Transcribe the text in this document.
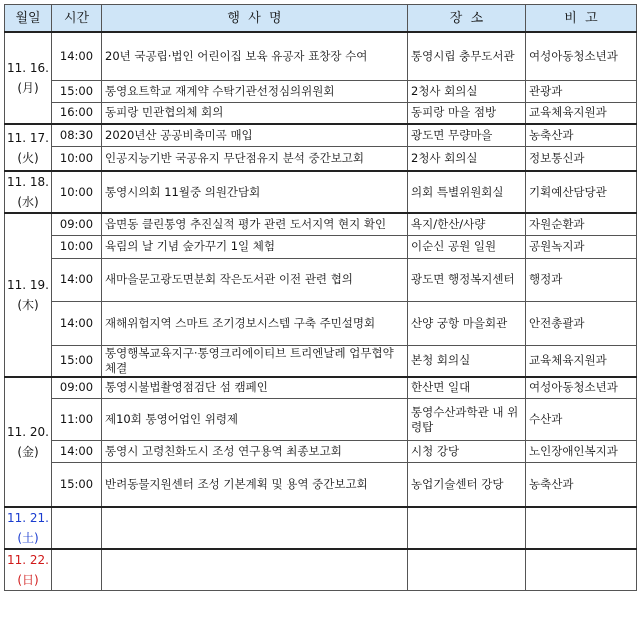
월일	시간	행  사  명	장  소	비  고

11. 16.
(月)	14:00	20년 국공립·법인 어린이집 보육 유공자 표창장 수여	통영시립 충무도서관	여성아동청소년과
	15:00	통영요트학교 재계약 수탁기관선정심의위원회	2청사 회의실	관광과
	16:00	동피랑 민관협의체 회의	동피랑 마을 점방	교육체육지원과

11. 17.
(火)	08:30	2020년산 공공비축미곡 매입	광도면 무량마을	농축산과
	10:00	인공지능기반 국공유지 무단점유지 분석 중간보고회	2청사 회의실	정보통신과

11. 18.
(水)	10:00	통영시의회 11월중 의원간담회	의회 특별위원회실	기획예산담당관

11. 19.
(木)	09:00	읍면동 클린통영 추진실적 평가 관련 도서지역 현지 확인	욕지/한산/사량	자원순환과
	10:00	육림의 날 기념 숲가꾸기 1일 체험	이순신 공원 일원	공원녹지과
	14:00	새마을문고광도면분회 작은도서관 이전 관련 협의	광도면 행정복지센터	행정과
	14:00	재해위험지역 스마트 조기경보시스템 구축 주민설명회	산양 궁항 마을회관	안전총괄과
	15:00	통영행복교육지구·통영크리에이티브 트리엔날레 업무협약체결	본청 회의실	교육체육지원과

11. 20.
(金)	09:00	통영시불법촬영점검단 섬 캠페인	한산면 일대	여성아동청소년과
	11:00	제10회 통영어업인 위령제	통영수산과학관 내 위령탑	수산과
	14:00	통영시 고령친화도시 조성 연구용역 최종보고회	시청 강당	노인장애인복지과
	15:00	반려동물지원센터 조성 기본계획 및 용역 중간보고회	농업기술센터 강당	농축산과

11. 21.
(土)				

11. 22.
(日)				
